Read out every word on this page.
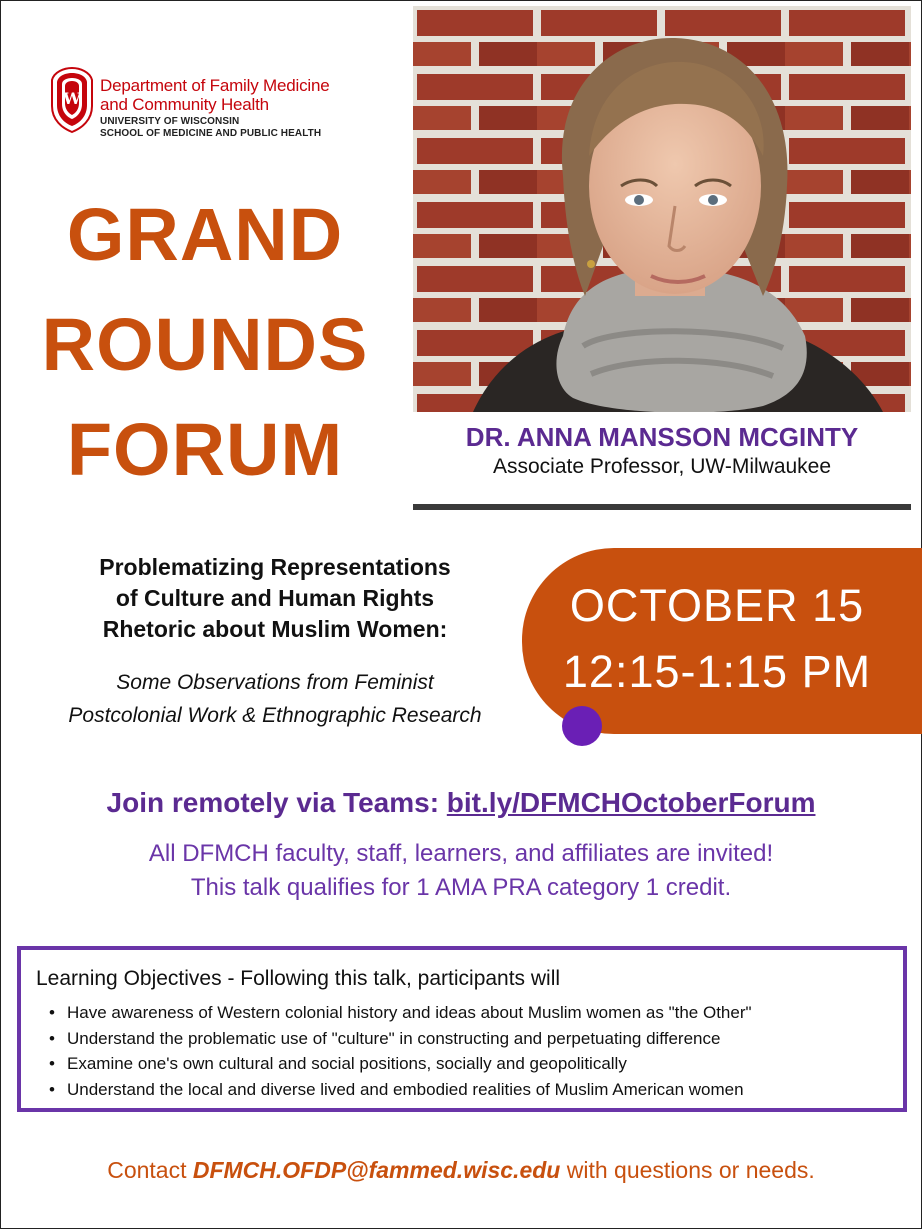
W
Department of Family Medicine
and Community Health
UNIVERSITY OF WISCONSIN
SCHOOL OF MEDICINE AND PUBLIC HEALTH
GRAND
ROUNDS
FORUM	DR. ANNA MANSSON MCGINTY
Associate Professor, UW-Milwaukee
Problematizing Representations
of Culture and Human Rights
Rhetoric about Muslim Women:
Some Observations from Feminist
Postcolonial Work & Ethnographic Research
OCTOBER 15
12:15-1:15 PM
Join remotely via Teams: bit.ly/DFMCHOctoberForum
All DFMCH faculty, staff, learners, and affiliates are invited!
This talk qualifies for 1 AMA PRA category 1 credit.
Learning Objectives - Following this talk, participants will
• Have awareness of Western colonial history and ideas about Muslim women as "the Other"
• Understand the problematic use of "culture" in constructing and perpetuating difference
• Examine one's own cultural and social positions, socially and geopolitically
• Understand the local and diverse lived and embodied realities of Muslim American women
Contact DFMCH.OFDP@fammed.wisc.edu with questions or needs.
